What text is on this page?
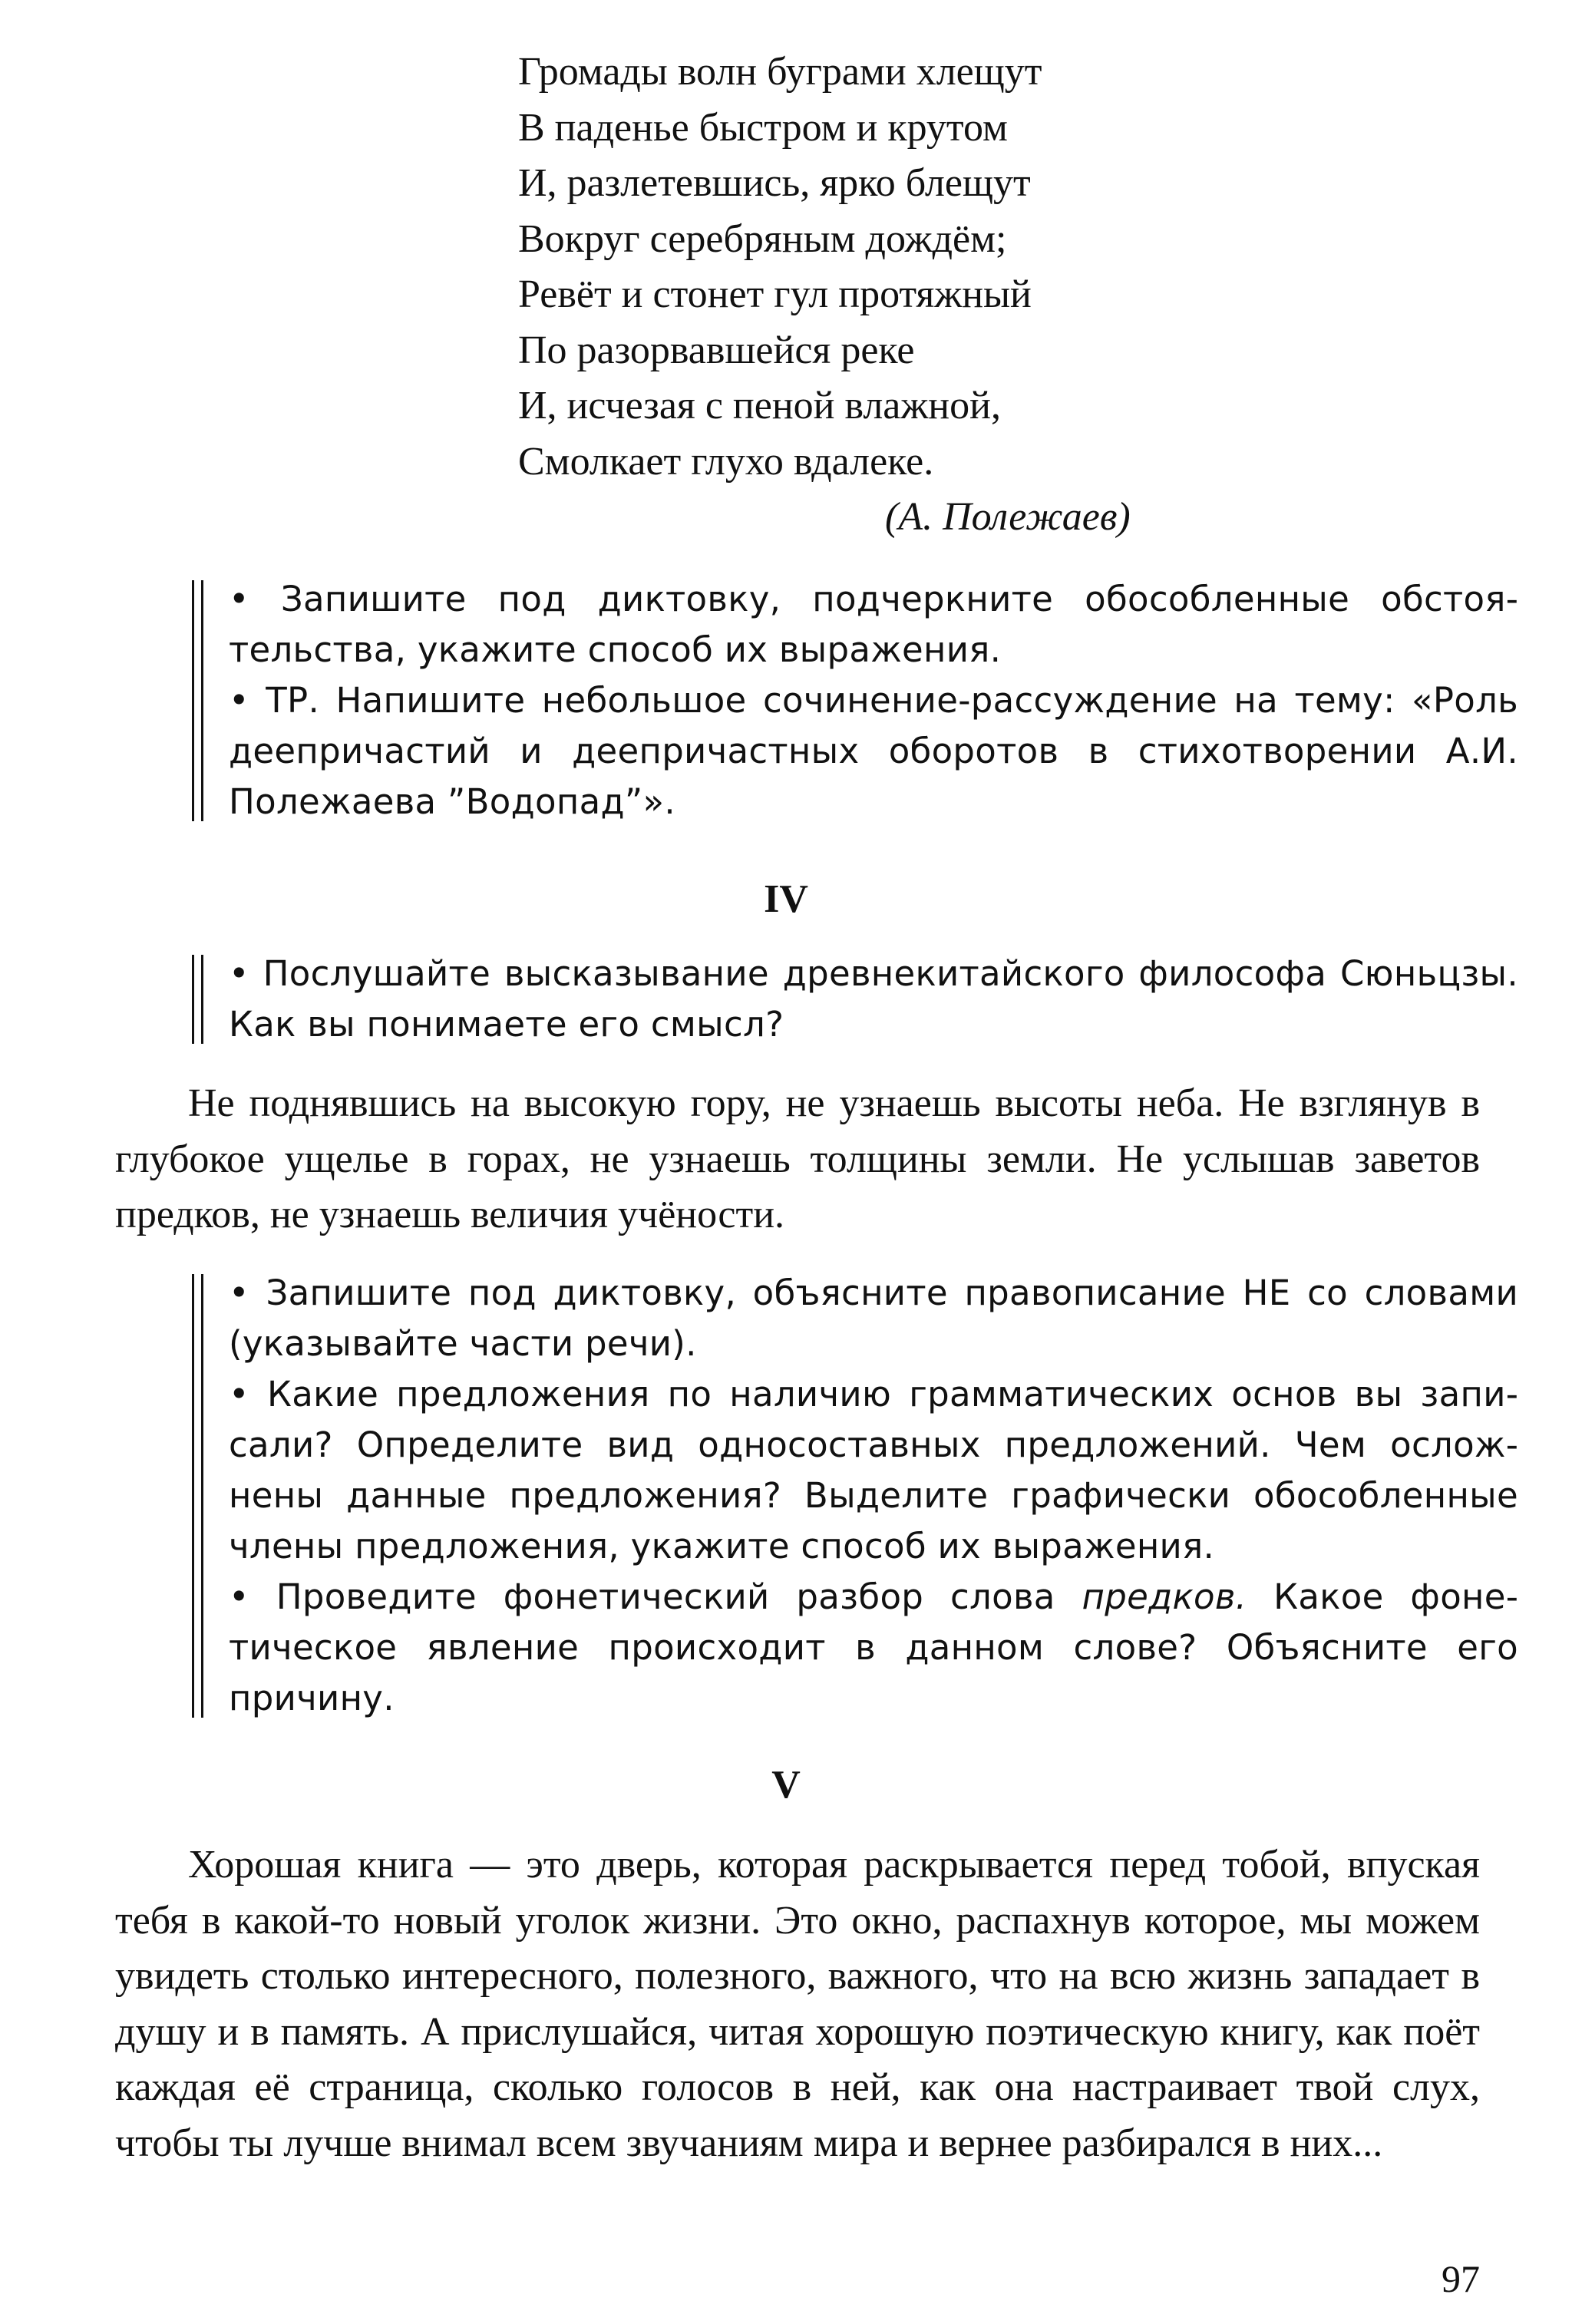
Громады волн буграми хлещут
В паденье быстром и крутом
И, разлетевшись, ярко блещут
Вокруг серебряным дождём;
Ревёт и стонет гул протяжный
По разорвавшейся реке
И, исчезая с пеной влажной,
Смолкает глухо вдалеке.
(А. Полежаев)

• Запишите под диктовку, подчеркните обособленные обстоятельства, укажите способ их выражения.

• ТР. Напишите небольшое сочинение-рассуждение на тему: «Роль деепричастий и деепричастных оборотов в стихотворении А.И. Полежаева ”Водопад”».

IV

• Послушайте высказывание древнекитайского философа Сюньцзы. Как вы понимаете его смысл?

Не поднявшись на высокую гору, не узнаешь высоты неба. Не взглянув в глубокое ущелье в горах, не узнаешь толщины земли. Не услышав заветов предков, не узнаешь величия учёности.

• Запишите под диктовку, объясните правописание НЕ со словами (указывайте части речи).

• Какие предложения по наличию грамматических основ вы записали? Определите вид односоставных предложений. Чем осложнены данные предложения? Выделите графически обособленные члены предложения, укажите способ их выражения.

• Проведите фонетический разбор слова предков. Какое фонетическое явление происходит в данном слове? Объясните его причину.

V

Хорошая книга — это дверь, которая раскрывается перед тобой, впуская тебя в какой-то новый уголок жизни. Это окно, распахнув которое, мы можем увидеть столько интересного, полезного, важного, что на всю жизнь западает в душу и в память. А прислушайся, читая хорошую поэтическую книгу, как поёт каждая её страница, сколько голосов в ней, как она настраивает твой слух, чтобы ты лучше внимал всем звучаниям мира и вернее разбирался в них...

97
